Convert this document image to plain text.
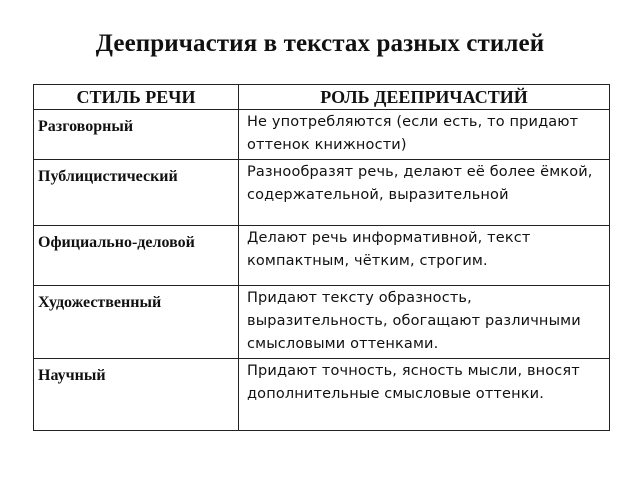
Деепричастия в текстах разных стилей
СТИЛЬ РЕЧИ	РОЛЬ ДЕЕПРИЧАСТИЙ
Разговорный	Не употребляются (если есть, то придают оттенок книжности)
Публицистический	Разнообразят речь, делают её более ёмкой, содержательной, выразительной
Официально-деловой	Делают речь информативной, текст компактным, чётким, строгим.
Художественный	Придают тексту образность, выразительность, обогащают различными смысловыми оттенками.
Научный	Придают точность, ясность мысли, вносят дополнительные смысловые оттенки.
